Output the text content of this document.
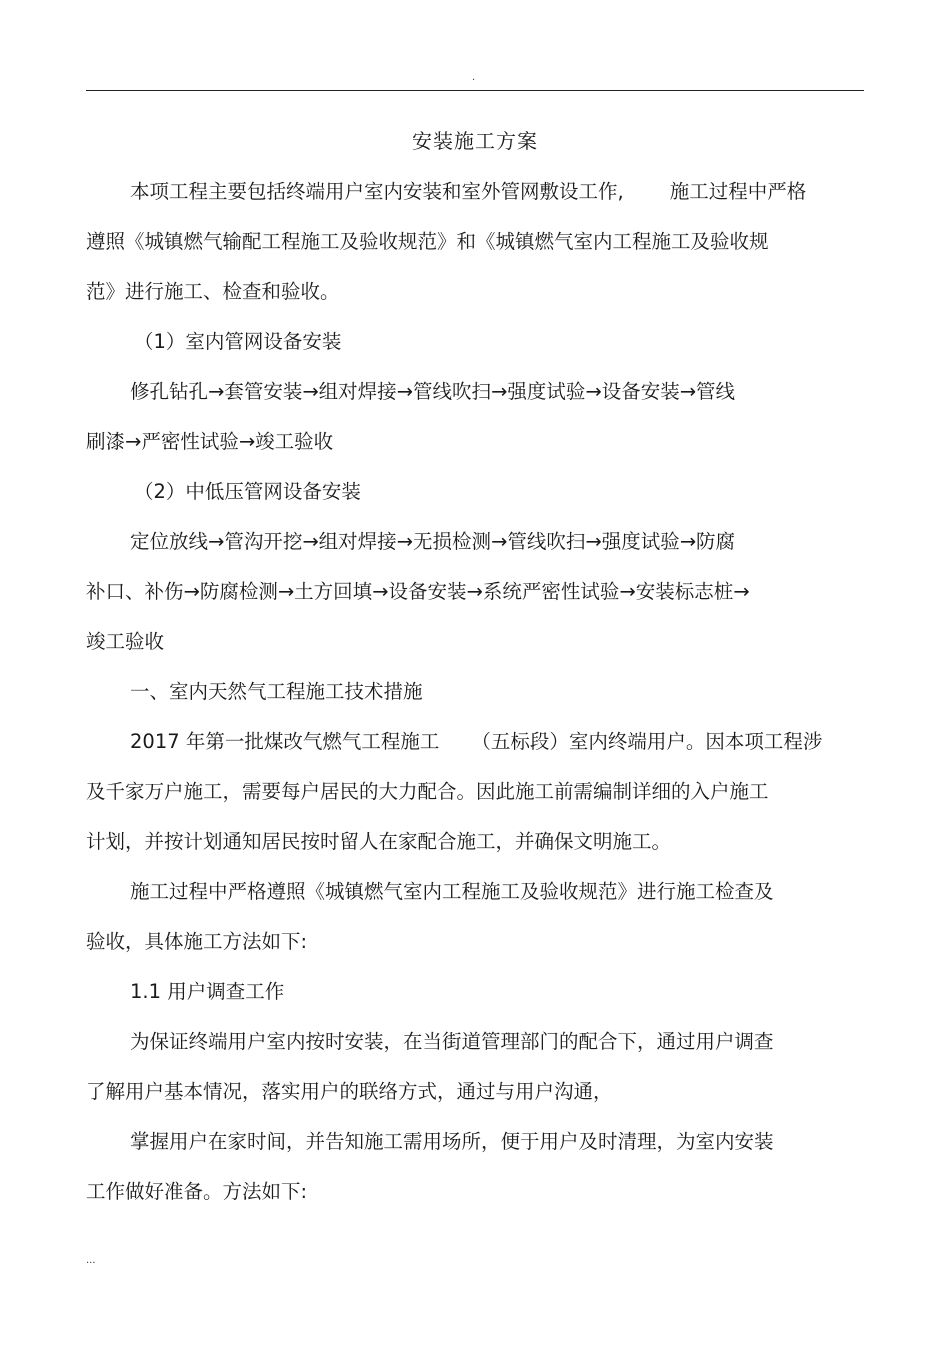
.
安装施工方案
本项工程主要包括终端用户室内安装和室外管网敷设工作, 施工过程中严格
遵照《城镇燃气输配工程施工及验收规范》和《城镇燃气室内工程施工及验收规
范》进行施工、检查和验收。
（1）室内管网设备安装
修孔钻孔→套管安装→组对焊接→管线吹扫→强度试验→设备安装→管线
刷漆→严密性试验→竣工验收
（2）中低压管网设备安装
定位放线→管沟开挖→组对焊接→无损检测→管线吹扫→强度试验→防腐
补口、补伤→防腐检测→土方回填→设备安装→系统严密性试验→安装标志桩→
竣工验收
一、室内天然气工程施工技术措施
2017 年第一批煤改气燃气工程施工 （五标段）室内终端用户。因本项工程涉
及千家万户施工，需要每户居民的大力配合。因此施工前需编制详细的入户施工
计划，并按计划通知居民按时留人在家配合施工，并确保文明施工。
施工过程中严格遵照《城镇燃气室内工程施工及验收规范》进行施工检查及
验收，具体施工方法如下:
1.1 用户调查工作
为保证终端用户室内按时安装，在当街道管理部门的配合下，通过用户调查
了解用户基本情况，落实用户的联络方式，通过与用户沟通，
掌握用户在家时间，并告知施工需用场所，便于用户及时清理，为室内安装
工作做好准备。方法如下:
...
